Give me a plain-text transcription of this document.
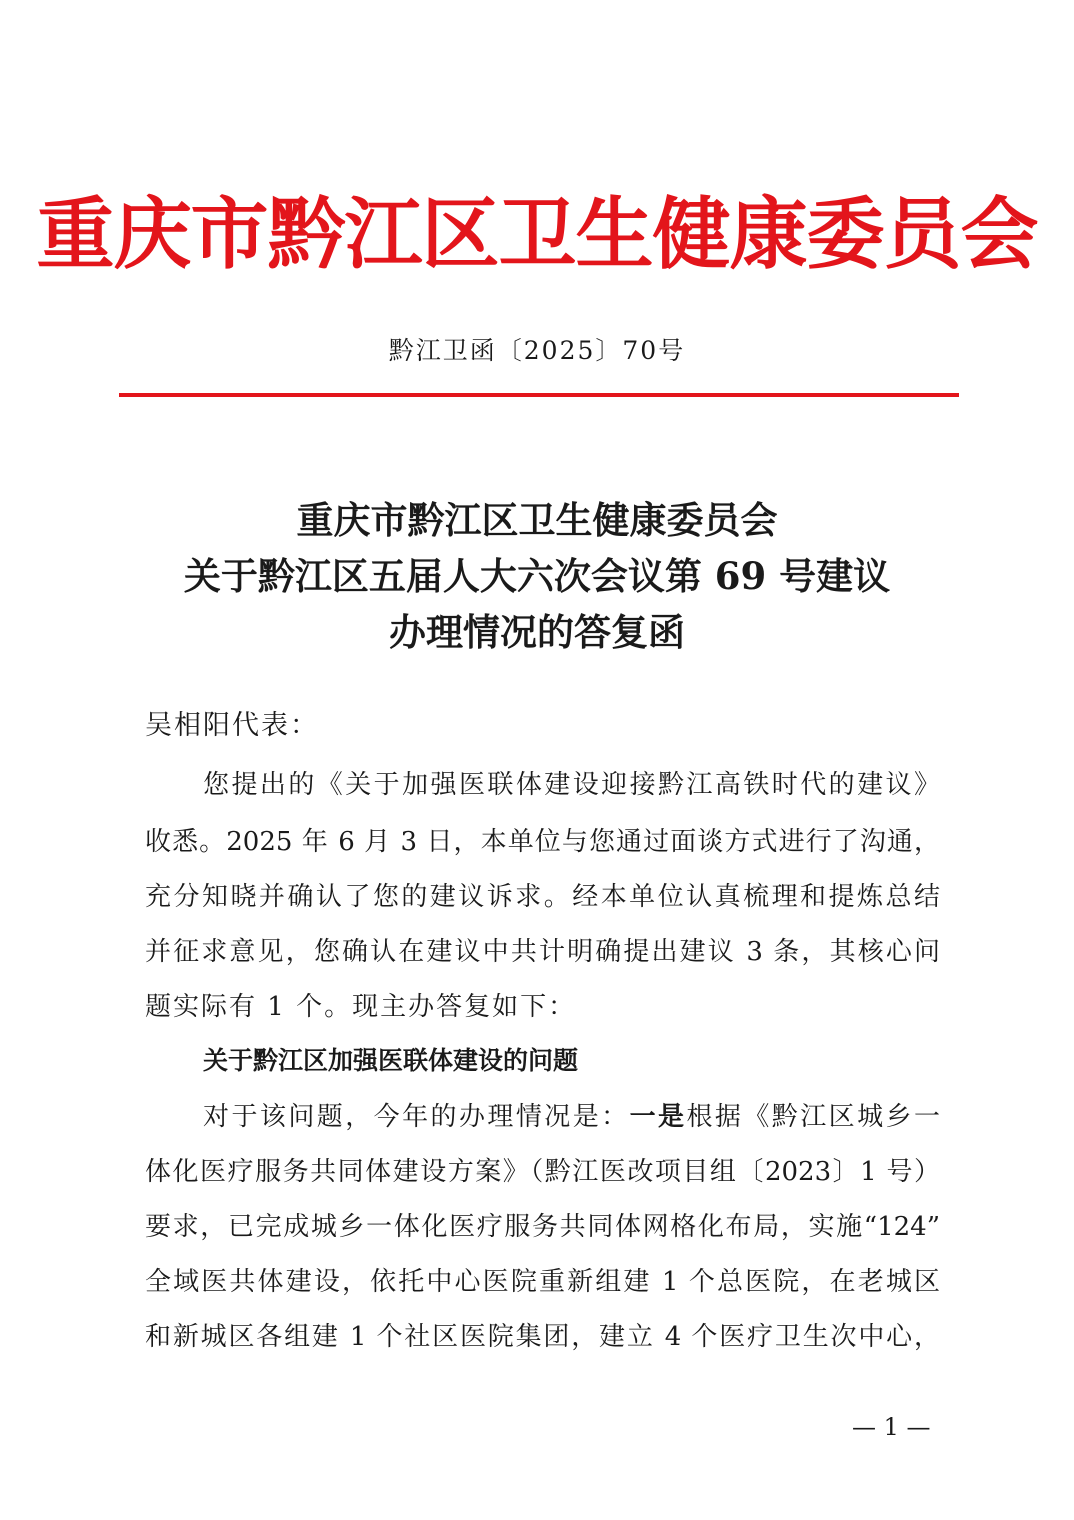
重庆市黔江区卫生健康委员会
黔江卫函〔2025〕70号
重庆市黔江区卫生健康委员会
关于黔江区五届人大六次会议第 69 号建议
办理情况的答复函
吴相阳代表：
您提出的《关于加强医联体建设迎接黔江高铁时代的建议》
收悉。2025 年 6 月 3 日，本单位与您通过面谈方式进行了沟通，
充分知晓并确认了您的建议诉求。经本单位认真梳理和提炼总结
并征求意见，您确认在建议中共计明确提出建议 3 条，其核心问
题实际有 1 个。现主办答复如下：
关于黔江区加强医联体建设的问题
对于该问题，今年的办理情况是：一是根据《黔江区城乡一
体化医疗服务共同体建设方案》（黔江医改项目组〔2023〕1 号）
要求，已完成城乡一体化医疗服务共同体网格化布局，实施“124”
全域医共体建设，依托中心医院重新组建 1 个总医院，在老城区
和新城区各组建 1 个社区医院集团，建立 4 个医疗卫生次中心，
— 1 —
